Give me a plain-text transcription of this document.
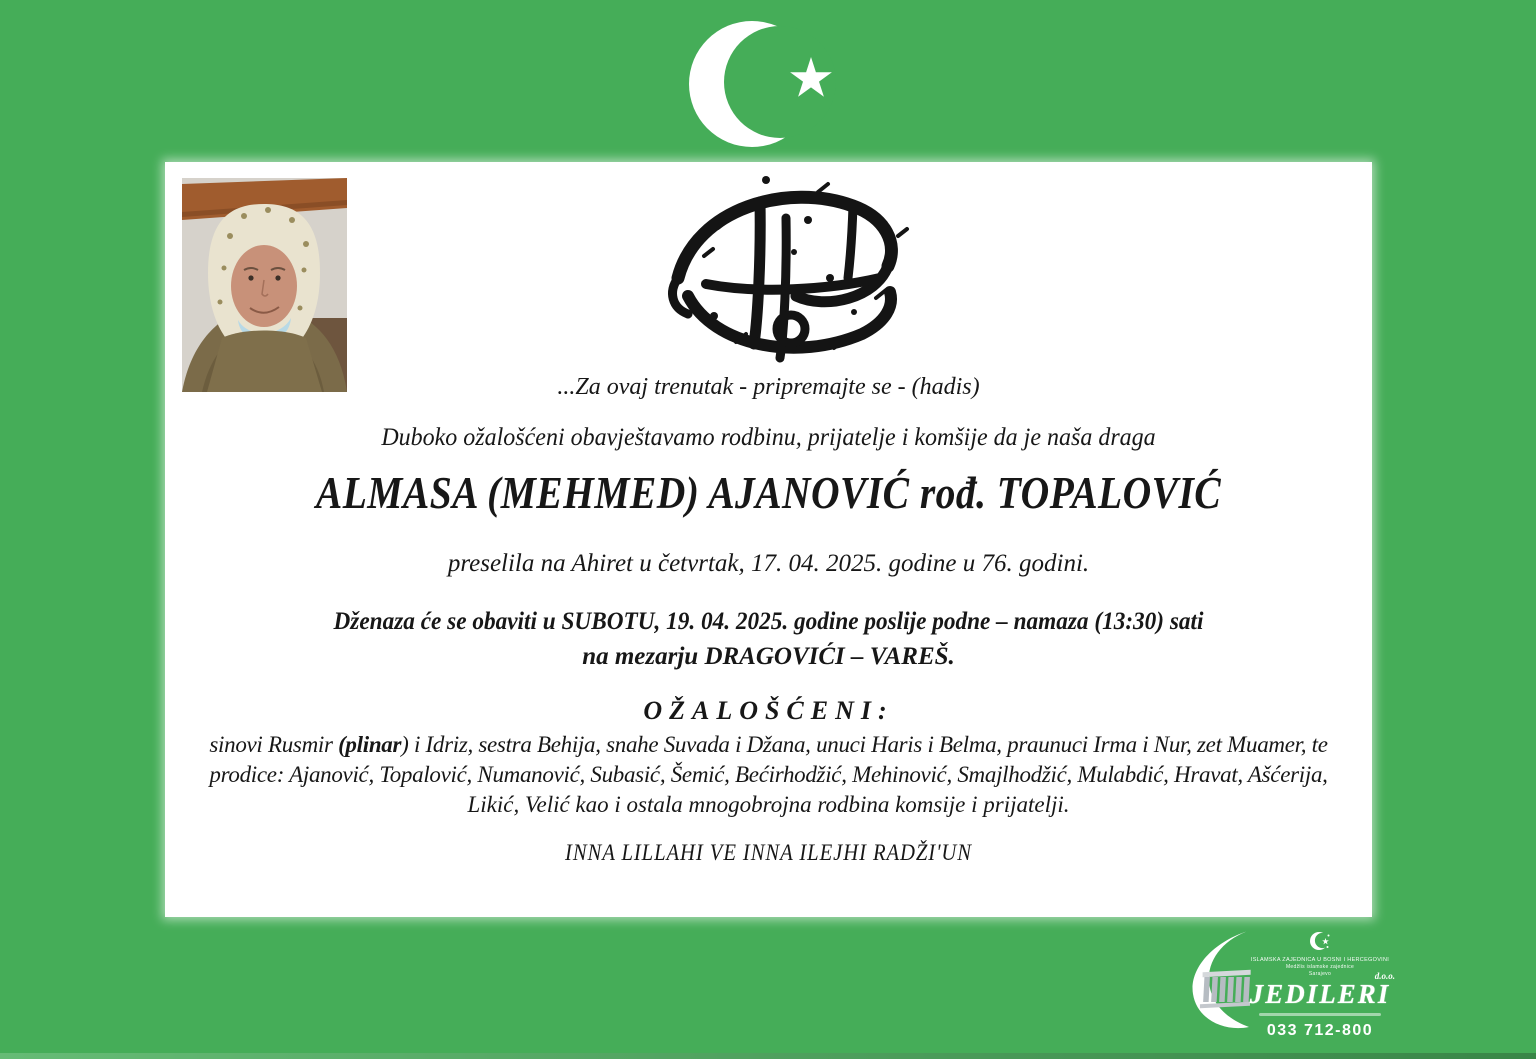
...Za ovaj trenutak - pripremajte se - (hadis)
Duboko ožalošćeni obavještavamo rodbinu, prijatelje i komšije da je naša draga
ALMASA (MEHMED) AJANOVIĆ rođ. TOPALOVIĆ
preselila na Ahiret u četvrtak, 17. 04. 2025. godine u 76. godini.
Dženaza će se obaviti u SUBOTU, 19. 04. 2025. godine poslije podne – namaza (13:30) sati
na mezarju DRAGOVIĆI – VAREŠ.
OŽALOŠĆENI:
sinovi Rusmir (plinar) i Idriz, sestra Behija, snahe Suvada i Džana, unuci Haris i Belma, praunuci Irma i Nur, zet Muamer, te
prodice: Ajanović, Topalović, Numanović, Subasić, Šemić, Bećirhodžić, Mehinović, Smajlhodžić, Mulabdić, Hravat, Ašćerija,
Likić, Velić kao i ostala mnogobrojna rodbina komsije i prijatelji.
INNA LILLAHI VE INNA ILEJHI RADŽI'UN
ISLAMSKA ZAJEDNICA U BOSNI I HERCEGOVINI
Medžlis islamske zajednice
Sarajevo	d.o.o.
JEDILERI
033 712-800
